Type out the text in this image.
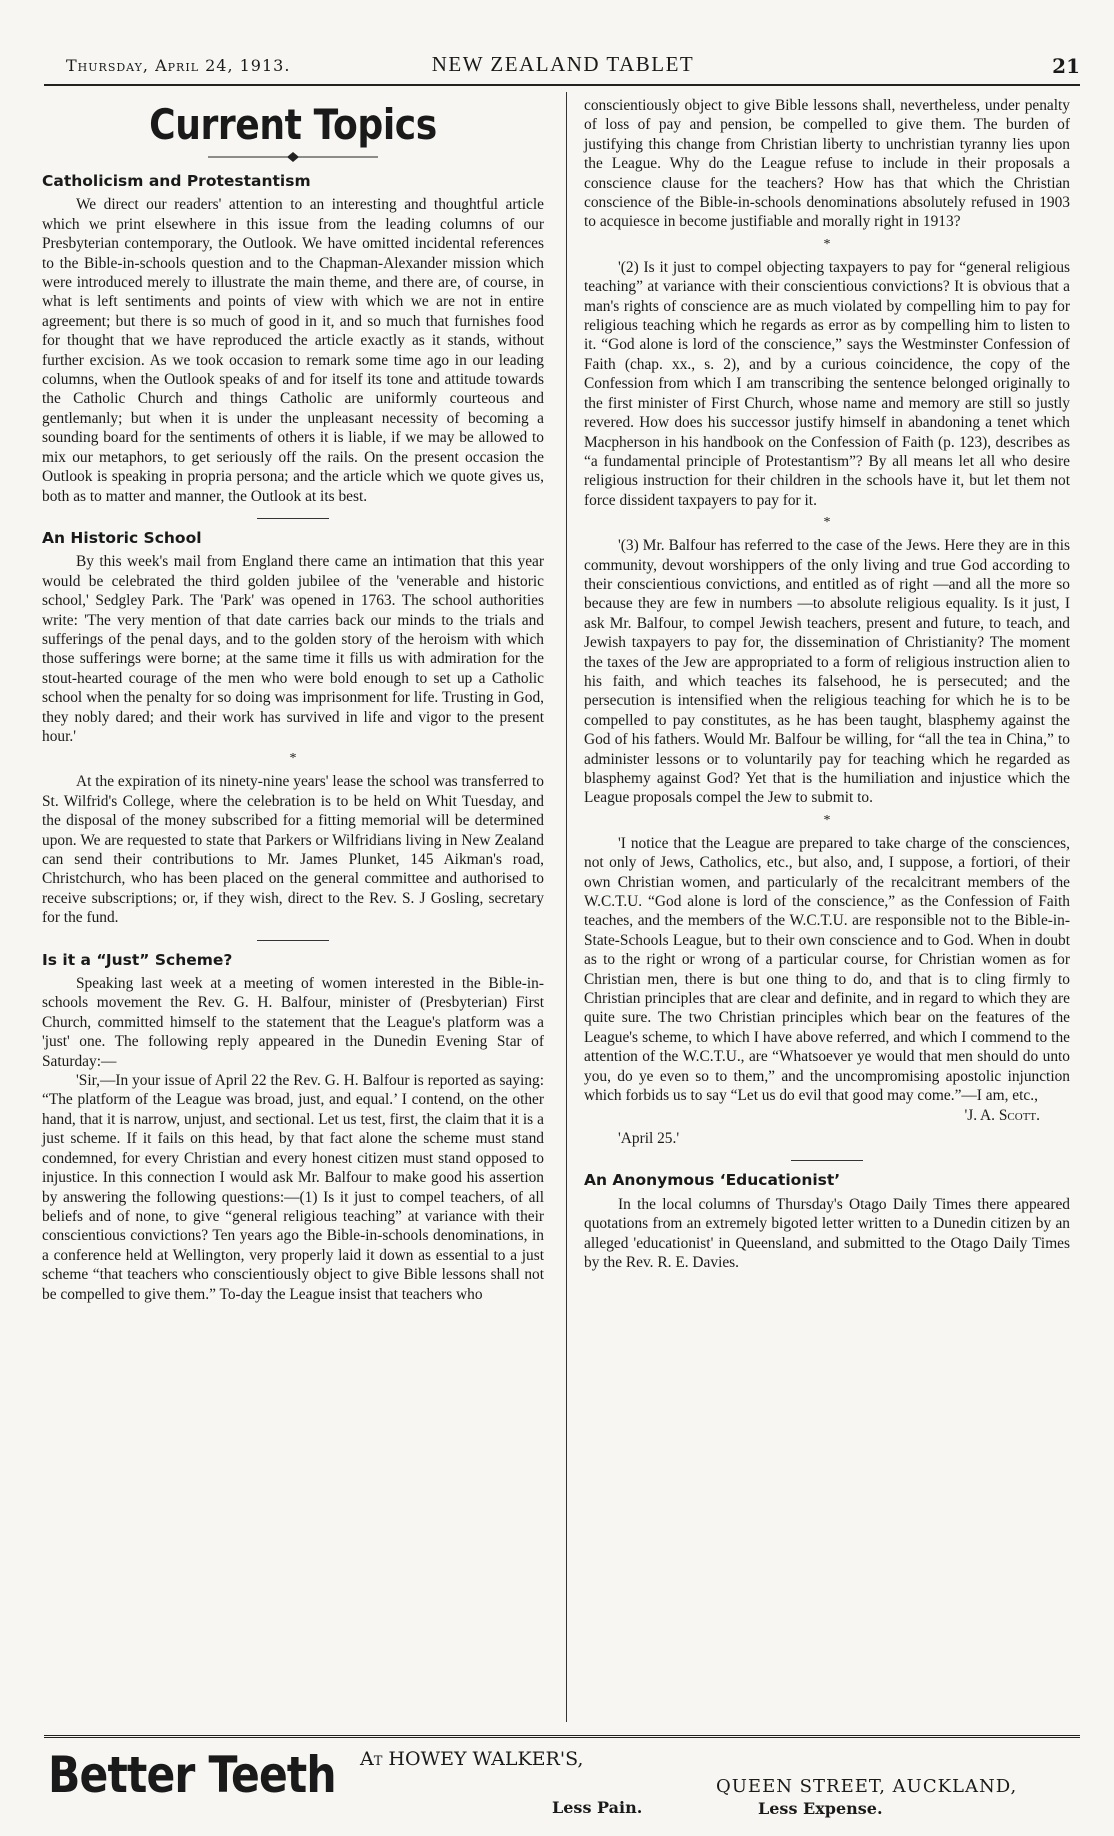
Thursday, April 24, 1913.	NEW ZEALAND TABLET	21
Current Topics
Catholicism and Protestantism

We direct our readers' attention to an interesting and thoughtful article which we print elsewhere in this issue from the leading columns of our Presbyterian contemporary, the Outlook. We have omitted incidental references to the Bible-in-schools question and to the Chapman-Alexander mission which were introduced merely to illustrate the main theme, and there are, of course, in what is left sentiments and points of view with which we are not in entire agreement; but there is so much of good in it, and so much that furnishes food for thought that we have reproduced the article exactly as it stands, without further excision. As we took occasion to remark some time ago in our leading columns, when the Outlook speaks of and for itself its tone and attitude towards the Catholic Church and things Catholic are uniformly courteous and gentlemanly; but when it is under the unpleasant necessity of becoming a sounding board for the sentiments of others it is liable, if we may be allowed to mix our metaphors, to get seriously off the rails. On the present occasion the Outlook is speaking in propria persona; and the article which we quote gives us, both as to matter and manner, the Outlook at its best.

An Historic School

By this week's mail from England there came an intimation that this year would be celebrated the third golden jubilee of the 'venerable and historic school,' Sedgley Park. The 'Park' was opened in 1763. The school authorities write: 'The very mention of that date carries back our minds to the trials and sufferings of the penal days, and to the golden story of the heroism with which those sufferings were borne; at the same time it fills us with admiration for the stout-hearted courage of the men who were bold enough to set up a Catholic school when the penalty for so doing was imprisonment for life. Trusting in God, they nobly dared; and their work has survived in life and vigor to the present hour.'

*

At the expiration of its ninety-nine years' lease the school was transferred to St. Wilfrid's College, where the celebration is to be held on Whit Tuesday, and the disposal of the money subscribed for a fitting memorial will be determined upon. We are requested to state that Parkers or Wilfridians living in New Zealand can send their contributions to Mr. James Plunket, 145 Aikman's road, Christchurch, who has been placed on the general committee and authorised to receive subscriptions; or, if they wish, direct to the Rev. S. J Gosling, secretary for the fund.

Is it a “Just” Scheme?

Speaking last week at a meeting of women interested in the Bible-in-schools movement the Rev. G. H. Balfour, minister of (Presbyterian) First Church, committed himself to the statement that the League's platform was a 'just' one. The following reply appeared in the Dunedin Evening Star of Saturday:—

'Sir,—In your issue of April 22 the Rev. G. H. Balfour is reported as saying: “The platform of the League was broad, just, and equal.’ I contend, on the other hand, that it is narrow, unjust, and sectional. Let us test, first, the claim that it is a just scheme. If it fails on this head, by that fact alone the scheme must stand condemned, for every Christian and every honest citizen must stand opposed to injustice. In this connection I would ask Mr. Balfour to make good his assertion by answering the following questions:—(1) Is it just to compel teachers, of all beliefs and of none, to give “general religious teaching” at variance with their conscientious convictions? Ten years ago the Bible-in-schools denominations, in a conference held at Wellington, very properly laid it down as essential to a just scheme “that teachers who conscientiously object to give Bible lessons shall not be compelled to give them.” To-day the League insist that teachers who

conscientiously object to give Bible lessons shall, nevertheless, under penalty of loss of pay and pension, be compelled to give them. The burden of justifying this change from Christian liberty to unchristian tyranny lies upon the League. Why do the League refuse to include in their proposals a conscience clause for the teachers? How has that which the Christian conscience of the Bible-in-schools denominations absolutely refused in 1903 to acquiesce in become justifiable and morally right in 1913?

*

'(2) Is it just to compel objecting taxpayers to pay for “general religious teaching” at variance with their conscientious convictions? It is obvious that a man's rights of conscience are as much violated by compelling him to pay for religious teaching which he regards as error as by compelling him to listen to it. “God alone is lord of the conscience,” says the Westminster Confession of Faith (chap. xx., s. 2), and by a curious coincidence, the copy of the Confession from which I am transcribing the sentence belonged originally to the first minister of First Church, whose name and memory are still so justly revered. How does his successor justify himself in abandoning a tenet which Macpherson in his handbook on the Confession of Faith (p. 123), describes as “a fundamental principle of Protestantism”? By all means let all who desire religious instruction for their children in the schools have it, but let them not force dissident taxpayers to pay for it.

*

'(3) Mr. Balfour has referred to the case of the Jews. Here they are in this community, devout worshippers of the only living and true God according to their conscientious convictions, and entitled as of right —and all the more so because they are few in numbers —to absolute religious equality. Is it just, I ask Mr. Balfour, to compel Jewish teachers, present and future, to teach, and Jewish taxpayers to pay for, the dissemination of Christianity? The moment the taxes of the Jew are appropriated to a form of religious instruction alien to his faith, and which teaches its falsehood, he is persecuted; and the persecution is intensified when the religious teaching for which he is to be compelled to pay constitutes, as he has been taught, blasphemy against the God of his fathers. Would Mr. Balfour be willing, for “all the tea in China,” to administer lessons or to voluntarily pay for teaching which he regarded as blasphemy against God? Yet that is the humiliation and injustice which the League proposals compel the Jew to submit to.

*

'I notice that the League are prepared to take charge of the consciences, not only of Jews, Catholics, etc., but also, and, I suppose, a fortiori, of their own Christian women, and particularly of the recalcitrant members of the W.C.T.U. “God alone is lord of the conscience,” as the Confession of Faith teaches, and the members of the W.C.T.U. are responsible not to the Bible-in-State-Schools League, but to their own conscience and to God. When in doubt as to the right or wrong of a particular course, for Christian women as for Christian men, there is but one thing to do, and that is to cling firmly to Christian principles that are clear and definite, and in regard to which they are quite sure. The two Christian principles which bear on the features of the League's scheme, to which I have above referred, and which I commend to the attention of the W.C.T.U., are “Whatsoever ye would that men should do unto you, do ye even so to them,” and the uncompromising apostolic injunction which forbids us to say “Let us do evil that good may come.”—I am, etc.,

'J. A. Scott.

'April 25.'

An Anonymous ‘Educationist’

In the local columns of Thursday's Otago Daily Times there appeared quotations from an extremely bigoted letter written to a Dunedin citizen by an alleged 'educationist' in Queensland, and submitted to the Otago Daily Times by the Rev. R. E. Davies.

Better Teeth At HOWEY WALKER'S,
Less Pain.
QUEEN STREET, AUCKLAND,
Less Expense.
